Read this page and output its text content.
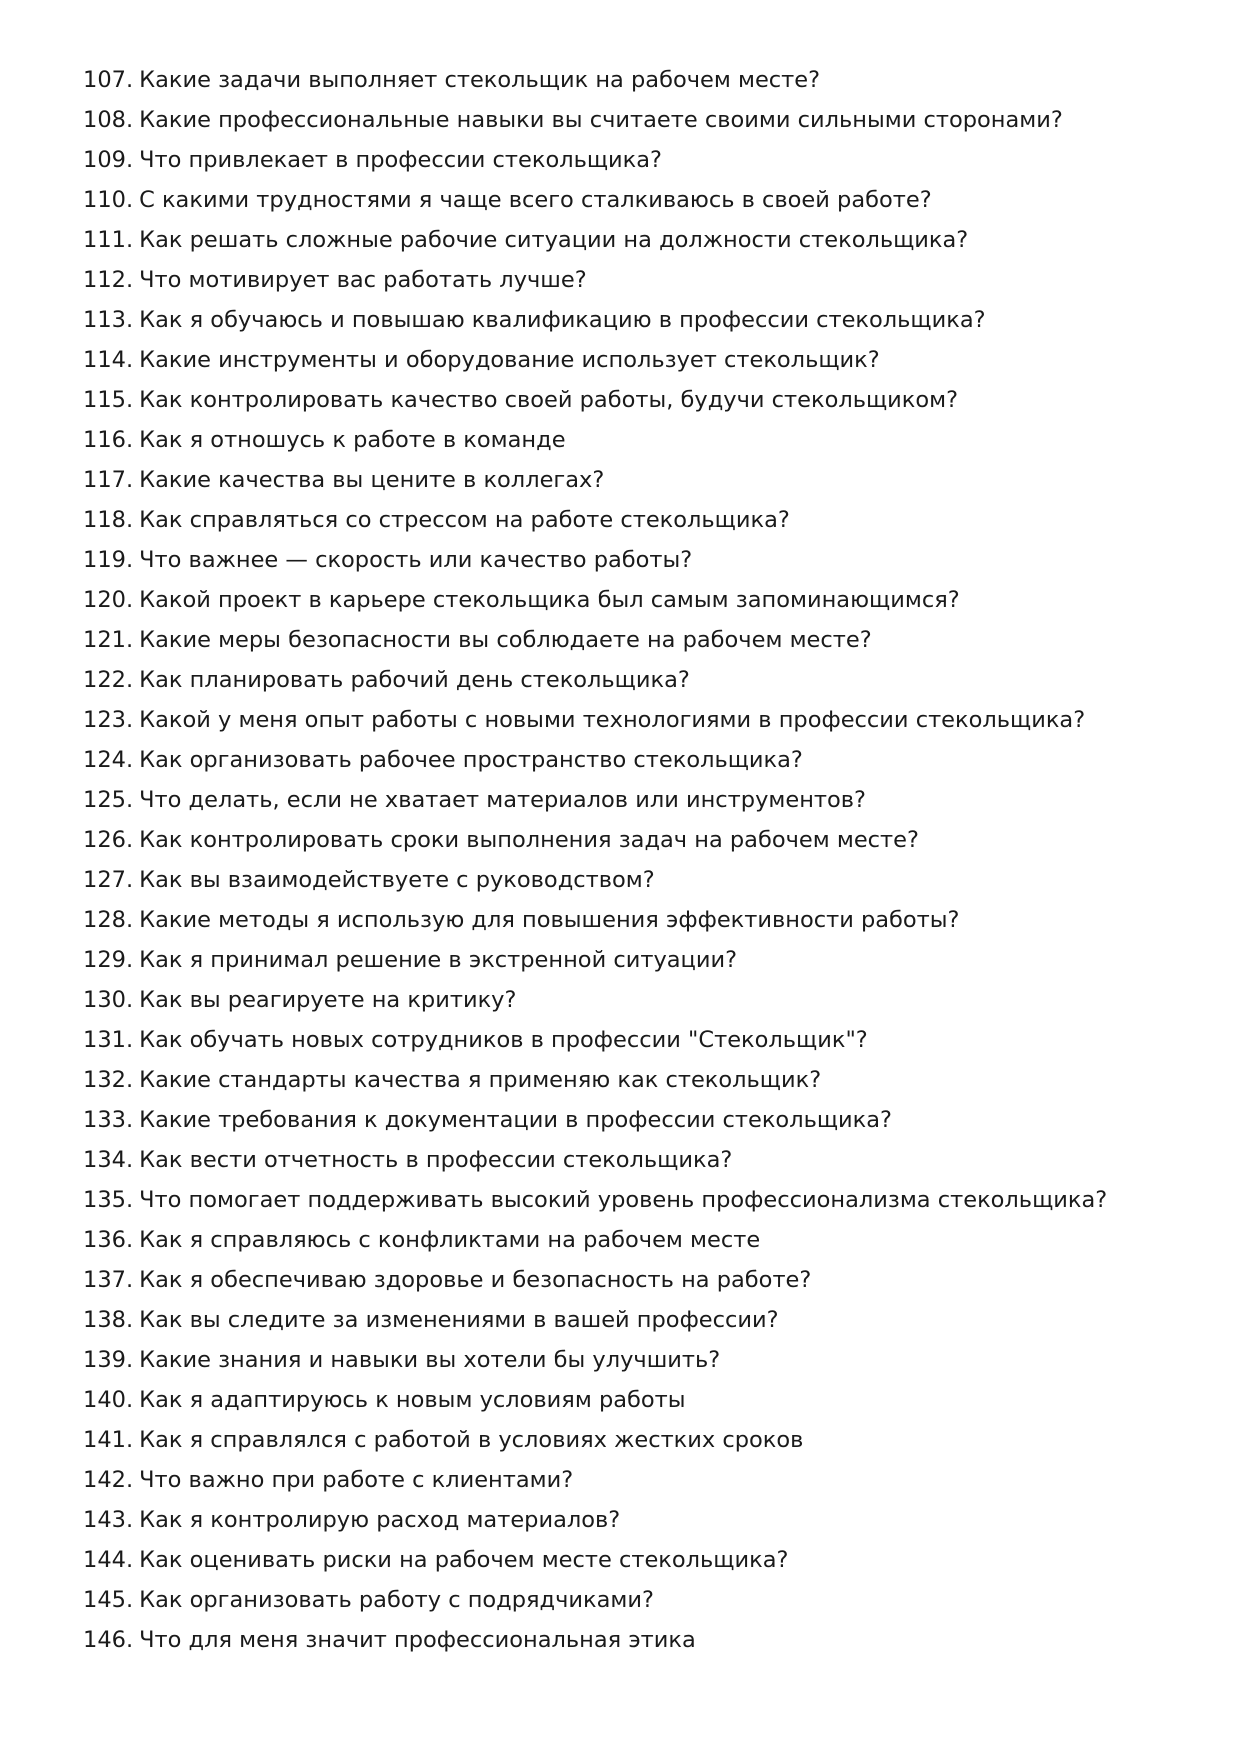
107. Какие задачи выполняет стекольщик на рабочем месте?
108. Какие профессиональные навыки вы считаете своими сильными сторонами?
109. Что привлекает в профессии стекольщика?
110. С какими трудностями я чаще всего сталкиваюсь в своей работе?
111. Как решать сложные рабочие ситуации на должности стекольщика?
112. Что мотивирует вас работать лучше?
113. Как я обучаюсь и повышаю квалификацию в профессии стекольщика?
114. Какие инструменты и оборудование использует стекольщик?
115. Как контролировать качество своей работы, будучи стекольщиком?
116. Как я отношусь к работе в команде
117. Какие качества вы цените в коллегах?
118. Как справляться со стрессом на работе стекольщика?
119. Что важнее — скорость или качество работы?
120. Какой проект в карьере стекольщика был самым запоминающимся?
121. Какие меры безопасности вы соблюдаете на рабочем месте?
122. Как планировать рабочий день стекольщика?
123. Какой у меня опыт работы с новыми технологиями в профессии стекольщика?
124. Как организовать рабочее пространство стекольщика?
125. Что делать, если не хватает материалов или инструментов?
126. Как контролировать сроки выполнения задач на рабочем месте?
127. Как вы взаимодействуете с руководством?
128. Какие методы я использую для повышения эффективности работы?
129. Как я принимал решение в экстренной ситуации?
130. Как вы реагируете на критику?
131. Как обучать новых сотрудников в профессии "Стекольщик"?
132. Какие стандарты качества я применяю как стекольщик?
133. Какие требования к документации в профессии стекольщика?
134. Как вести отчетность в профессии стекольщика?
135. Что помогает поддерживать высокий уровень профессионализма стекольщика?
136. Как я справляюсь с конфликтами на рабочем месте
137. Как я обеспечиваю здоровье и безопасность на работе?
138. Как вы следите за изменениями в вашей профессии?
139. Какие знания и навыки вы хотели бы улучшить?
140. Как я адаптируюсь к новым условиям работы
141. Как я справлялся с работой в условиях жестких сроков
142. Что важно при работе с клиентами?
143. Как я контролирую расход материалов?
144. Как оценивать риски на рабочем месте стекольщика?
145. Как организовать работу с подрядчиками?
146. Что для меня значит профессиональная этика
